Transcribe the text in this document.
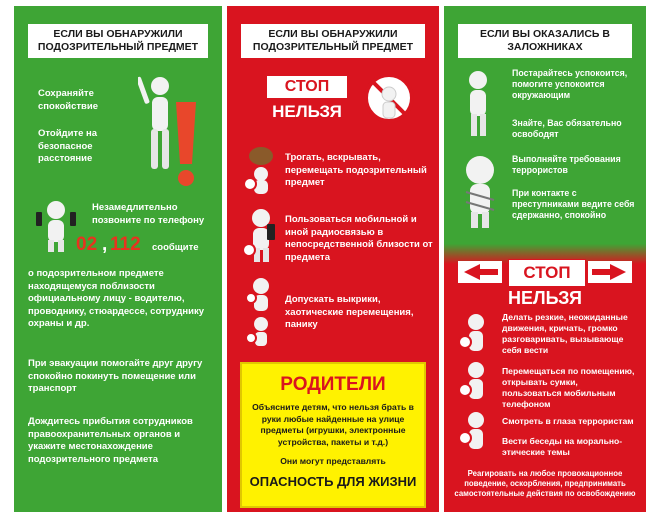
ЕСЛИ ВЫ ОБНАРУЖИЛИ ПОДОЗРИТЕЛЬНЫЙ ПРЕДМЕТ
Сохраняйте спокойствие
Отойдите на безопасное расстояние
Незамедлительно позвоните по телефону
02 , 112 сообщите
о подозрительном предмете находящемуся поблизости официальному лицу - водителю, проводнику, стюардессе, сотруднику охраны и др.
При эвакуации помогайте друг другу спокойно покинуть помещение или транспорт
Дождитесь прибытия сотрудников правоохранительных органов и укажите местонахождение подозрительного предмета
ЕСЛИ ВЫ ОБНАРУЖИЛИ ПОДОЗРИТЕЛЬНЫЙ ПРЕДМЕТ
СТОП
НЕЛЬЗЯ
Трогать, вскрывать, перемещать подозрительный предмет
Пользоваться мобильной и иной радиосвязью в непосредственной близости от предмета
Допускать выкрики, хаотические перемещения, панику
РОДИТЕЛИ
Объясните детям, что нельзя брать в руки любые найденные на улице предметы (игрушки, электронные устройства, пакеты и т.д.)
Они могут представлять
ОПАСНОСТЬ ДЛЯ ЖИЗНИ
ЕСЛИ ВЫ ОКАЗАЛИСЬ В ЗАЛОЖНИКАХ
Постарайтесь успокоится, помогите успокоится окружающим
Знайте, Вас обязательно освободят
Выполняйте требования террористов
При контакте с преступниками ведите себя сдержанно, спокойно
СТОП
НЕЛЬЗЯ
Делать резкие, неожиданные движения, кричать, громко разговаривать, вызывающе себя вести
Перемещаться по помещению, открывать сумки, пользоваться мобильным телефоном
Смотреть в глаза террористам
Вести беседы на морально-этические темы
Реагировать на любое провокационное поведение, оскорбления, предпринимать самостоятельные действия по освобождению
